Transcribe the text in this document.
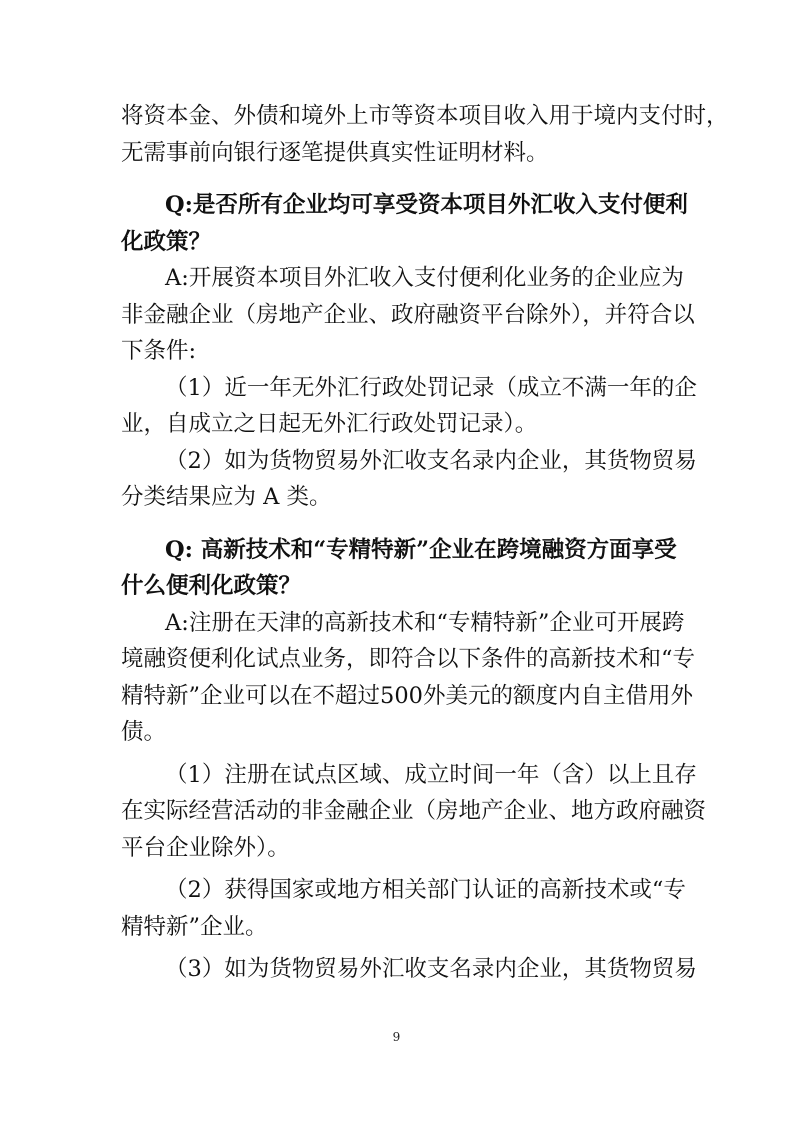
将资本金、外债和境外上市等资本项目收入用于境内支付时，
无需事前向银行逐笔提供真实性证明材料。
Q:是否所有企业均可享受资本项目外汇收入支付便利
化政策？
A:开展资本项目外汇收入支付便利化业务的企业应为
非金融企业（房地产企业、政府融资平台除外），并符合以
下条件:
（1）近一年无外汇行政处罚记录（成立不满一年的企
业，自成立之日起无外汇行政处罚记录）。
（2）如为货物贸易外汇收支名录内企业，其货物贸易
分类结果应为 A 类。
Q: 高新技术和“专精特新”企业在跨境融资方面享受
什么便利化政策？
A:注册在天津的高新技术和“专精特新”企业可开展跨
境融资便利化试点业务，即符合以下条件的高新技术和“专
精特新”企业可以在不超过500外美元的额度内自主借用外
债。
（1）注册在试点区域、成立时间一年（含）以上且存
在实际经营活动的非金融企业（房地产企业、地方政府融资
平台企业除外）。
（2）获得国家或地方相关部门认证的高新技术或“专
精特新”企业。
（3）如为货物贸易外汇收支名录内企业，其货物贸易
9
